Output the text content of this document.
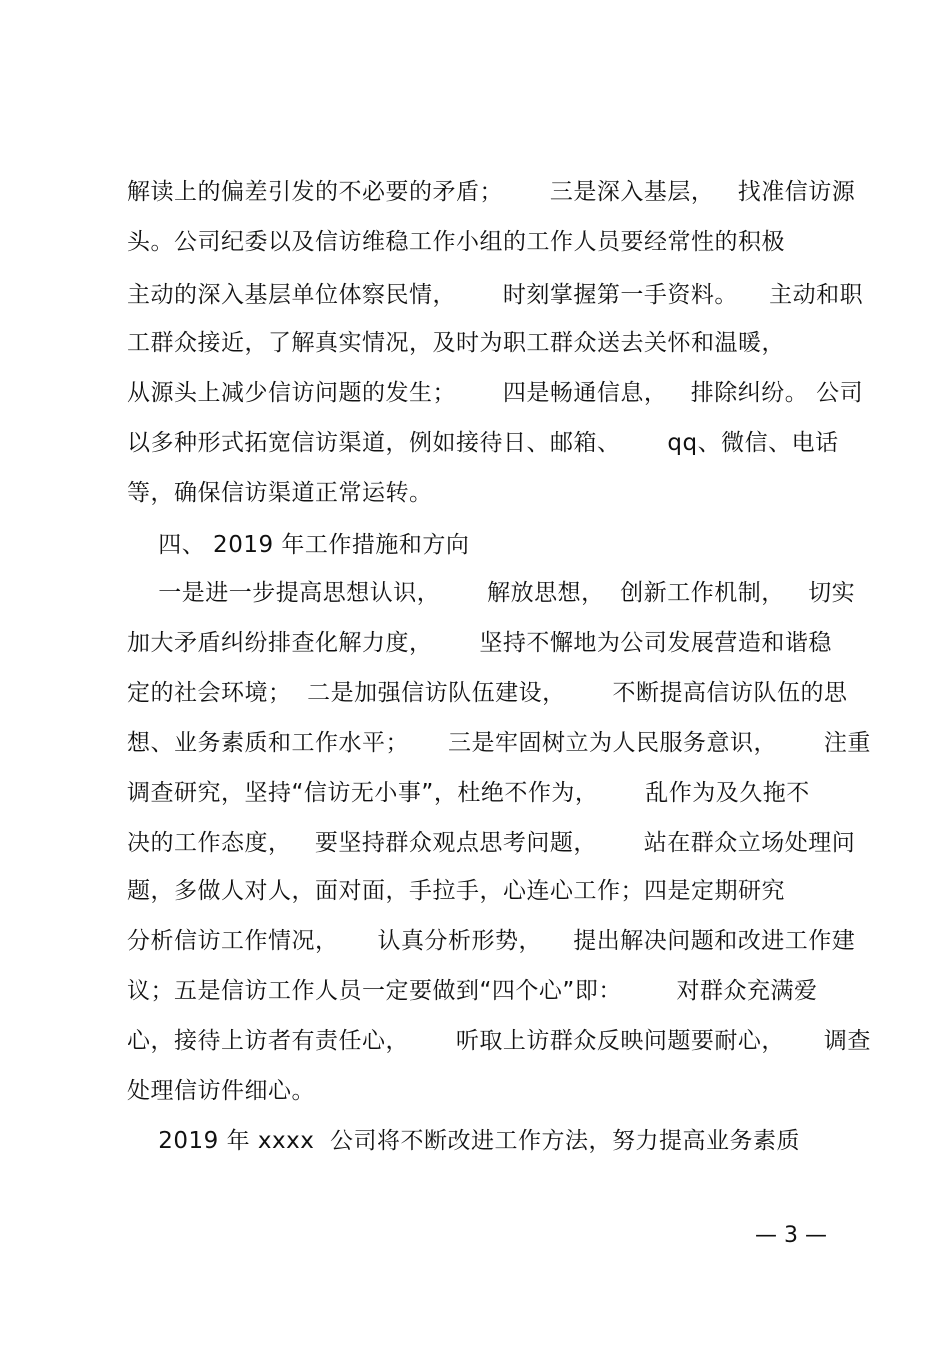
解读上的偏差引发的不必要的矛盾；      三是深入基层，   找准信访源
头。公司纪委以及信访维稳工作小组的工作人员要经常性的积极
主动的深入基层单位体察民情，      时刻掌握第一手资料。    主动和职
工群众接近，了解真实情况，及时为职工群众送去关怀和温暖，
从源头上减少信访问题的发生；      四是畅通信息，   排除纠纷。 公司
以多种形式拓宽信访渠道，例如接待日、邮箱、      qq、微信、电话
等，确保信访渠道正常运转。
四、 2019 年工作措施和方向
一是进一步提高思想认识，      解放思想，  创新工作机制，   切实
加大矛盾纠纷排查化解力度，      坚持不懈地为公司发展营造和谐稳
定的社会环境；  二是加强信访队伍建设，      不断提高信访队伍的思
想、业务素质和工作水平；     三是牢固树立为人民服务意识，      注重
调查研究，坚持“信访无小事”，杜绝不作为，      乱作为及久拖不
决的工作态度，   要坚持群众观点思考问题，      站在群众立场处理问
题，多做人对人，面对面，手拉手，心连心工作；四是定期研究
分析信访工作情况，     认真分析形势，    提出解决问题和改进工作建
议；五是信访工作人员一定要做到“四个心”即：       对群众充满爱
心，接待上访者有责任心，      听取上访群众反映问题要耐心，     调查
处理信访件细心。
2019 年 xxxx  公司将不断改进工作方法，努力提高业务素质
— 3 —
